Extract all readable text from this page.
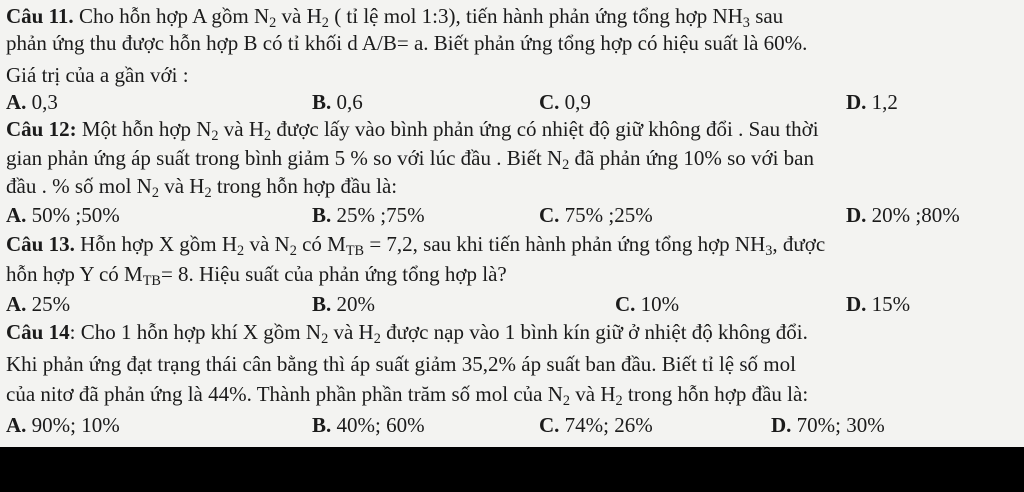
Câu 11. Cho hỗn hợp A gồm $N_2$ và $H_2$ ( tỉ lệ mol 1:3), tiến hành phản ứng tổng hợp $NH_3$ sau
phản ứng thu được hỗn hợp B có tỉ khối d A/B= a. Biết phản ứng tổng hợp có hiệu suất là 60%.
Giá trị của a gần với :
A. 0,3	B. 0,6	C. 0,9	D. 1,2
Câu 12: Một hỗn hợp $N_2$ và $H_2$ được lấy vào bình phản ứng có nhiệt độ giữ không đổi . Sau thời
gian phản ứng áp suất trong bình giảm 5 % so với lúc đầu . Biết $N_2$ đã phản ứng 10% so với ban
đầu . % số mol $N_2$ và $H_2$ trong hỗn hợp đầu là:
A. 50% ;50%	B. 25% ;75%	C. 75% ;25%	D. 20% ;80%
Câu 13. Hỗn hợp X gồm $H_2$ và $N_2$ có $M_{TB} = 7,2$, sau khi tiến hành phản ứng tổng hợp $NH_3$, được
hỗn hợp Y có $M_{TB}= 8$. Hiệu suất của phản ứng tổng hợp là?
A. 25%	B. 20%	C. 10%	D. 15%
Câu 14: Cho 1 hỗn hợp khí X gồm $N_2$ và $H_2$ được nạp vào 1 bình kín giữ ở nhiệt độ không đổi.
Khi phản ứng đạt trạng thái cân bằng thì áp suất giảm 35,2% áp suất ban đầu. Biết tỉ lệ số mol
của nitơ đã phản ứng là 44%. Thành phần phần trăm số mol của $N_2$ và $H_2$ trong hỗn hợp đầu là:
A. 90%; 10%	B. 40%; 60%	C. 74%; 26%	D. 70%; 30%
